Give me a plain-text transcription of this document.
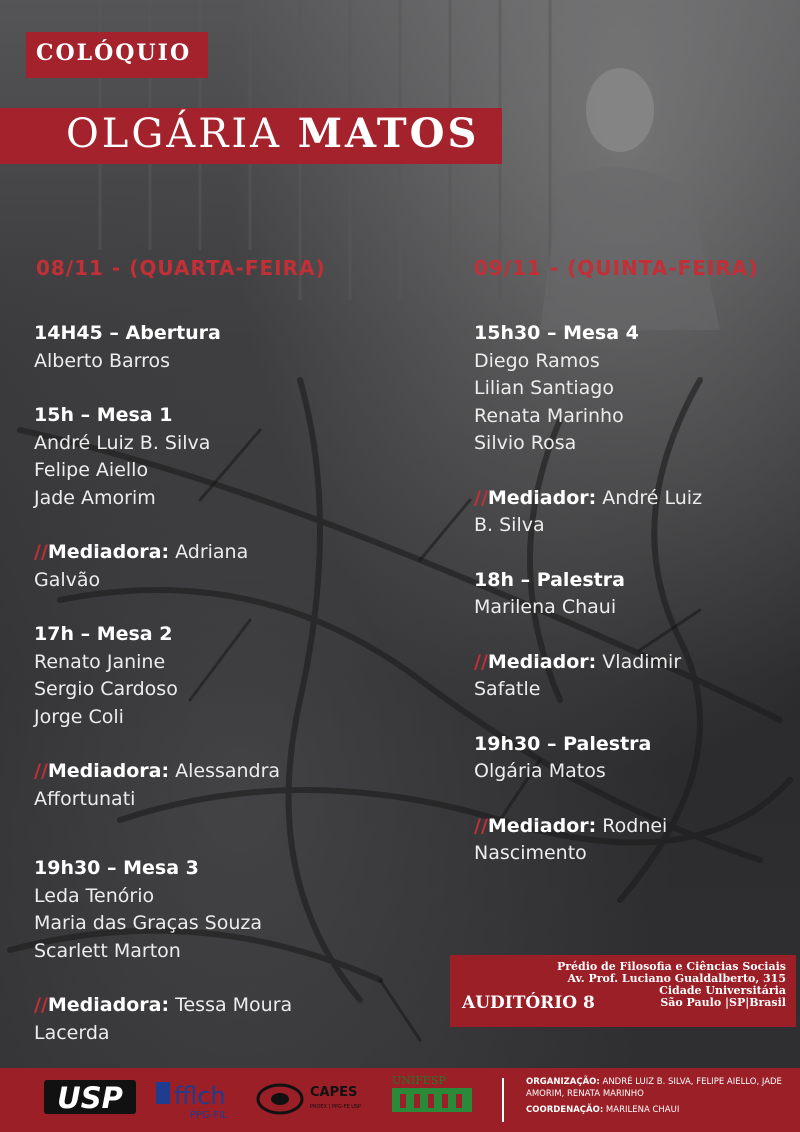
COLÓQUIO
OLGÁRIA MATOS
08/11 - (QUARTA-FEIRA)	09/11 - (QUINTA-FEIRA)
14H45 – Abertura
Alberto Barros
15h – Mesa 1
André Luiz B. Silva
Felipe Aiello
Jade Amorim
//Mediadora: Adriana
Galvão
17h – Mesa 2
Renato Janine
Sergio Cardoso
Jorge Coli
//Mediadora: Alessandra
Affortunati
19h30 – Mesa 3
Leda Tenório
Maria das Graças Souza
Scarlett Marton
//Mediadora: Tessa Moura
Lacerda
15h30 – Mesa 4
Diego Ramos
Lilian Santiago
Renata Marinho
Silvio Rosa
//Mediador: André Luiz
B. Silva
18h – Palestra
Marilena Chaui
//Mediador: Vladimir
Safatle
19h30 – Palestra
Olgária Matos
//Mediador: Rodnei
Nascimento
Prédio de Filosofia e Ciências Sociais
Av. Prof. Luciano Gualdalberto, 315
Cidade Universitária
São Paulo |SP|Brasil
AUDITÓRIO 8
USP fflch
PPG-FIL
CAPES
PROEX | PPG-FE USP
UNIFESP	ORGANIZAÇÃO: ANDRÉ LUIZ B. SILVA, FELIPE AIELLO, JADE AMORIM, RENATA MARINHO
COORDENAÇÃO: MARILENA CHAUI
